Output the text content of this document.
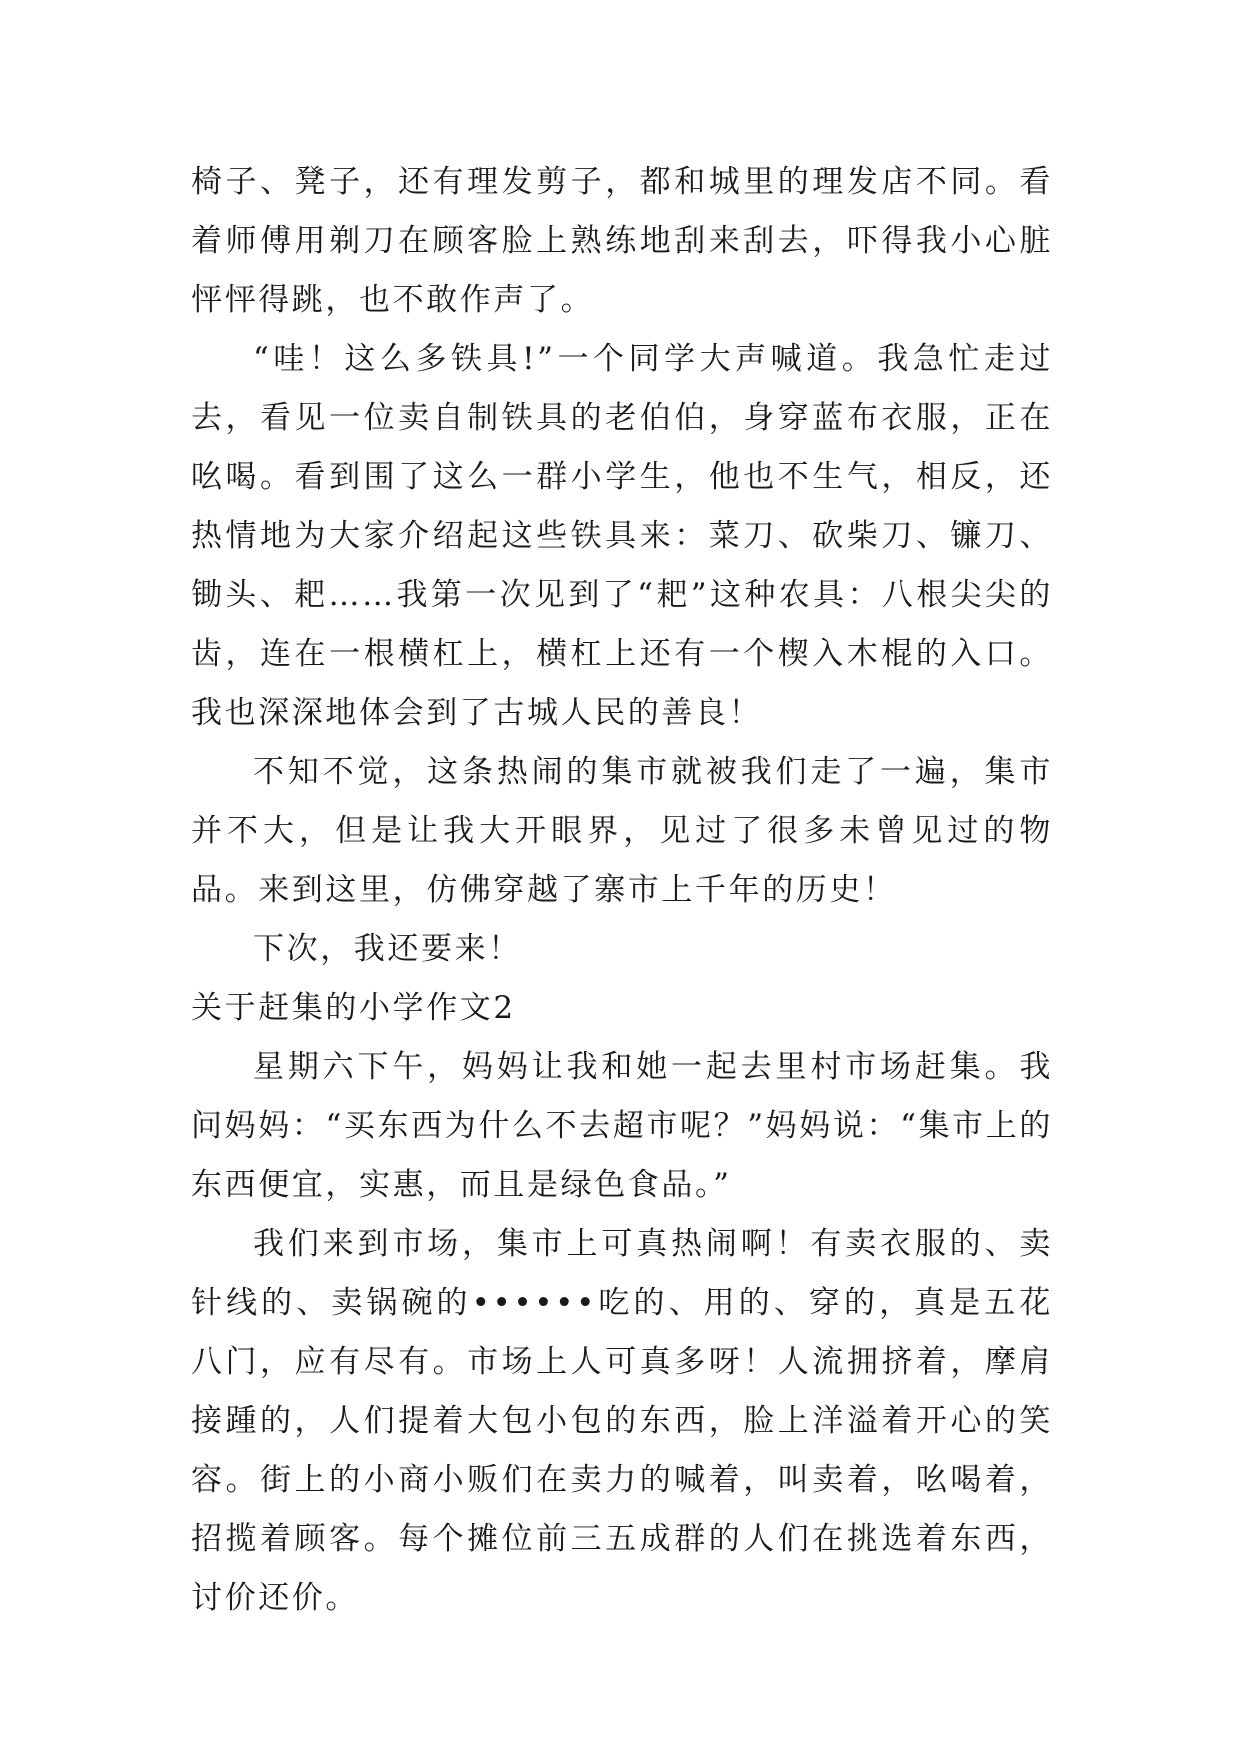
椅子、凳子，还有理发剪子，都和城里的理发店不同。看着师傅用剃刀在顾客脸上熟练地刮来刮去，吓得我小心脏怦怦得跳，也不敢作声了。

“哇！这么多铁具!”一个同学大声喊道。我急忙走过去，看见一位卖自制铁具的老伯伯，身穿蓝布衣服，正在吆喝。看到围了这么一群小学生，他也不生气，相反，还热情地为大家介绍起这些铁具来：菜刀、砍柴刀、镰刀、锄头、耙……我第一次见到了“耙”这种农具：八根尖尖的齿，连在一根横杠上，横杠上还有一个楔入木棍的入口。我也深深地体会到了古城人民的善良！

不知不觉，这条热闹的集市就被我们走了一遍，集市并不大，但是让我大开眼界，见过了很多未曾见过的物品。来到这里，仿佛穿越了寨市上千年的历史！

下次，我还要来！

关于赶集的小学作文2

星期六下午，妈妈让我和她一起去里村市场赶集。我问妈妈：“买东西为什么不去超市呢？”妈妈说：“集市上的东西便宜，实惠，而且是绿色食品。”

我们来到市场，集市上可真热闹啊！有卖衣服的、卖针线的、卖锅碗的••••••吃的、用的、穿的，真是五花八门，应有尽有。市场上人可真多呀！人流拥挤着，摩肩接踵的，人们提着大包小包的东西，脸上洋溢着开心的笑容。街上的小商小贩们在卖力的喊着，叫卖着，吆喝着，招揽着顾客。每个摊位前三五成群的人们在挑选着东西，讨价还价。
